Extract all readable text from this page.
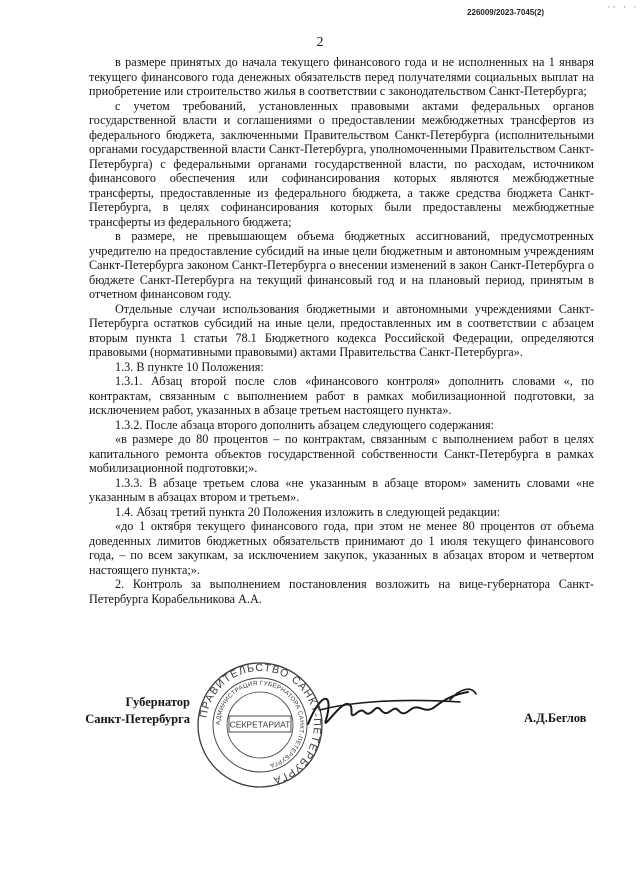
226009/2023-7045(2)	·· · ·
2

в размере принятых до начала текущего финансового года и не исполненных на 1 января текущего финансового года денежных обязательств перед получателями социальных выплат на приобретение или строительство жилья в соответствии с законодательством Санкт-Петербурга;

с учетом требований, установленных правовыми актами федеральных органов государственной власти и соглашениями о предоставлении межбюджетных трансфертов из федерального бюджета, заключенными Правительством Санкт-Петербурга (исполнительными органами государственной власти Санкт-Петербурга, уполномоченными Правительством Санкт-Петербурга) с федеральными органами государственной власти, по расходам, источником финансового обеспечения или софинансирования которых являются межбюджетные трансферты, предоставленные из федерального бюджета, а также средства бюджета Санкт-Петербурга, в целях софинансирования которых были предоставлены межбюджетные трансферты из федерального бюджета;

в размере, не превышающем объема бюджетных ассигнований, предусмотренных учредителю на предоставление субсидий на иные цели бюджетным и автономным учреждениям Санкт-Петербурга законом Санкт-Петербурга о внесении изменений в закон Санкт-Петербурга о бюджете Санкт-Петербурга на текущий финансовый год и на плановый период, принятым в отчетном финансовом году.

Отдельные случаи использования бюджетными и автономными учреждениями Санкт-Петербурга остатков субсидий на иные цели, предоставленных им в соответствии с абзацем вторым пункта 1 статьи 78.1 Бюджетного кодекса Российской Федерации, определяются правовыми (нормативными правовыми) актами Правительства Санкт-Петербурга».

1.3. В пункте 10 Положения:

1.3.1. Абзац второй после слов «финансового контроля» дополнить словами «, по контрактам, связанным с выполнением работ в рамках мобилизационной подготовки, за исключением работ, указанных в абзаце третьем настоящего пункта».

1.3.2. После абзаца второго дополнить абзацем следующего содержания:

«в размере до 80 процентов – по контрактам, связанным с выполнением работ в целях капитального ремонта объектов государственной собственности Санкт-Петербурга в рамках мобилизационной подготовки;».

1.3.3. В абзаце третьем слова «не указанным в абзаце втором» заменить словами «не указанным в абзацах втором и третьем».

1.4. Абзац третий пункта 20 Положения изложить в следующей редакции:

«до 1 октября текущего финансового года, при этом не менее 80 процентов от объема доведенных лимитов бюджетных обязательств принимают до 1 июля текущего финансового года, – по всем закупкам, за исключением закупок, указанных в абзацах втором и четвертом настоящего пункта;».

2. Контроль за выполнением постановления возложить на вице-губернатора Санкт-Петербурга Корабельникова А.А.

Губернатор
Санкт-Петербурга ПРАВИТЕЛЬСТВО САНКТ-ПЕТЕРБУРГА
АДМИНИСТРАЦИЯ ГУБЕРНАТОРА САНКТ-ПЕТЕРБУРГА
СЕКРЕТАРИАТ	А.Д.Беглов
